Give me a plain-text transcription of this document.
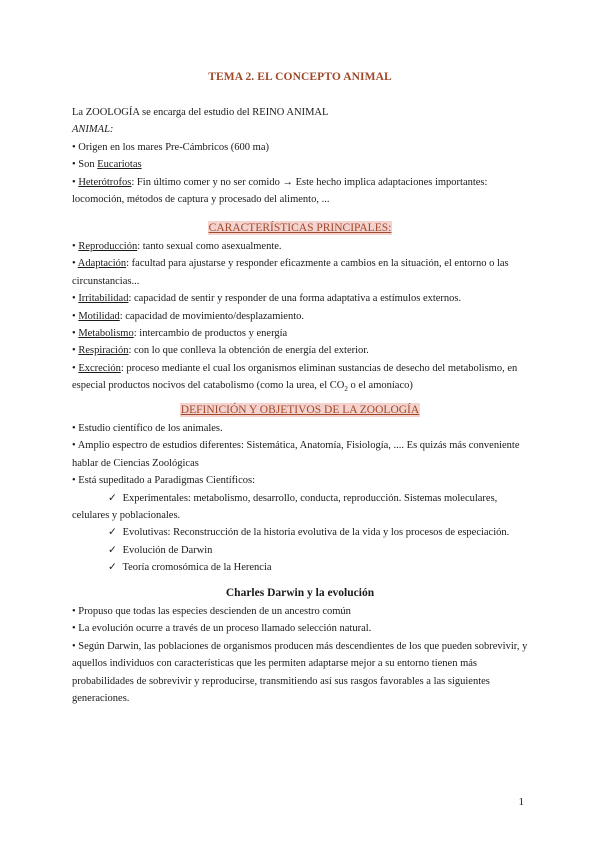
TEMA 2. EL CONCEPTO ANIMAL
La ZOOLOGÍA se encarga del estudio del REINO ANIMAL
ANIMAL:
• Origen en los mares Pre-Cámbricos (600 ma)
• Son Eucariotas
• Heterótrofos: Fin último comer y no ser comido → Este hecho implica adaptaciones importantes: locomoción, métodos de captura y procesado del alimento, ...
CARACTERÍSTICAS PRINCIPALES:
• Reproducción: tanto sexual como asexualmente.
• Adaptación: facultad para ajustarse y responder eficazmente a cambios en la situación, el entorno o las circunstancias...
• Irritabilidad: capacidad de sentir y responder de una forma adaptativa a estímulos externos.
• Motilidad: capacidad de movimiento/desplazamiento.
• Metabolismo: intercambio de productos y energía
• Respiración: con lo que conlleva la obtención de energía del exterior.
• Excreción: proceso mediante el cual los organismos eliminan sustancias de desecho del metabolismo, en especial productos nocivos del catabolismo (como la urea, el $CO_2$ o el amoníaco)
DEFINICIÓN Y OBJETIVOS DE LA ZOOLOGÍA
• Estudio científico de los animales.
• Amplio espectro de estudios diferentes: Sistemática, Anatomía, Fisiología, .... Es quizás más conveniente hablar de Ciencias Zoológicas
• Está supeditado a Paradigmas Científicos:
✓ Experimentales: metabolismo, desarrollo, conducta, reproducción. Sistemas moleculares,
celulares y poblacionales.
✓ Evolutivas: Reconstrucción de la historia evolutiva de la vida y los procesos de especiación.
✓ Evolución de Darwin
✓ Teoría cromosómica de la Herencia
Charles Darwin y la evolución
• Propuso que todas las especies descienden de un ancestro común
• La evolución ocurre a través de un proceso llamado selección natural.
• Según Darwin, las poblaciones de organismos producen más descendientes de los que pueden sobrevivir, y aquellos individuos con características que les permiten adaptarse mejor a su entorno tienen más probabilidades de sobrevivir y reproducirse, transmitiendo así sus rasgos favorables a las siguientes generaciones.
1
